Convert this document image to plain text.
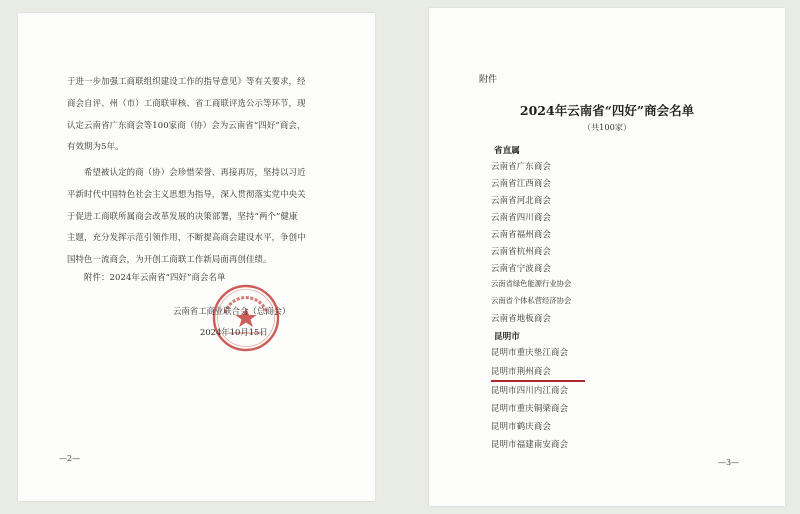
于进一步加强工商联组织建设工作的指导意见》等有关要求，经
商会自评、州（市）工商联审核、省工商联评选公示等环节，现
认定云南省广东商会等100家商（协）会为云南省“四好”商会，
有效期为5年。
希望被认定的商（协）会珍惜荣誉、再接再厉，坚持以习近
平新时代中国特色社会主义思想为指导，深入贯彻落实党中央关
于促进工商联所属商会改革发展的决策部署，坚持“两个”健康
主题，充分发挥示范引领作用，不断提高商会建设水平，争创中
国特色一流商会，为开创工商联工作新局面再创佳绩。
附件：2024年云南省“四好”商会名单
云南省工商业联合会（总商会）
2024年10月15日
—2—
附件
2024年云南省“四好”商会名单
（共100家）
省直属
云南省广东商会
云南省江西商会
云南省河北商会
云南省四川商会
云南省福州商会
云南省杭州商会
云南省宁波商会
云南省绿色能源行业协会
云南省个体私营经济协会
云南省地板商会
昆明市
昆明市重庆垫江商会
昆明市荆州商会
昆明市四川内江商会
昆明市重庆铜梁商会
昆明市鹤庆商会
昆明市福建南安商会
—3—
